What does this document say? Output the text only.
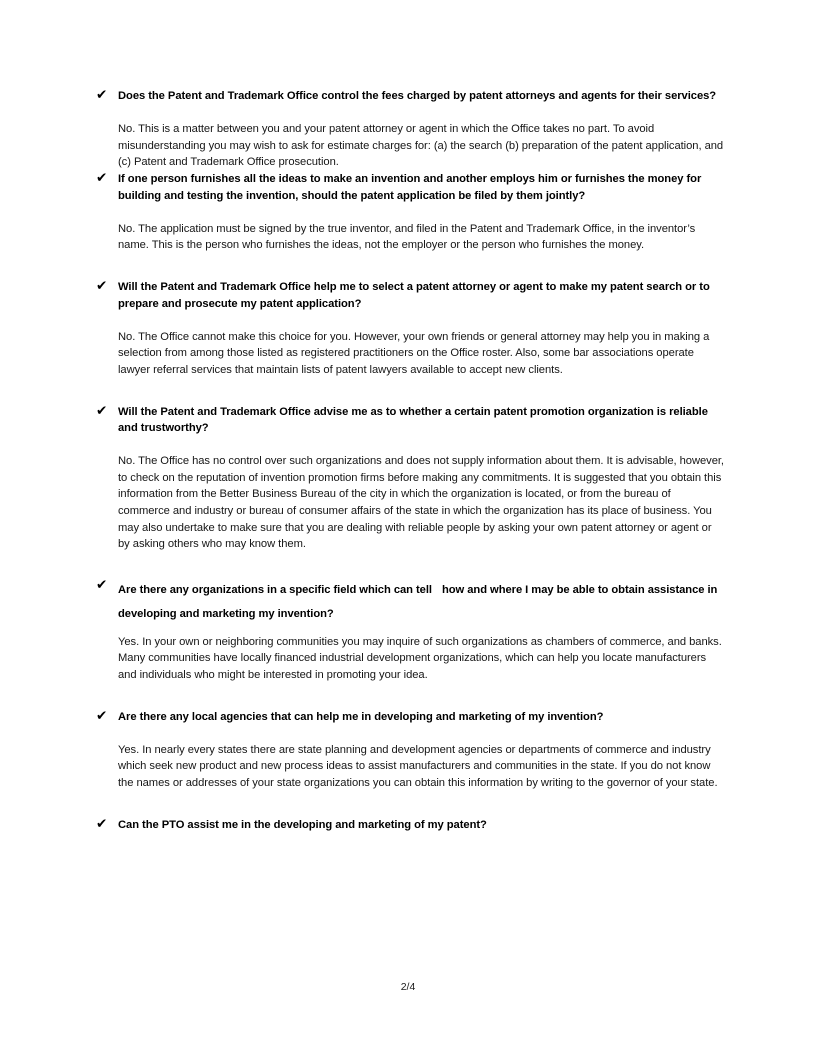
✔ Does the Patent and Trademark Office control the fees charged by patent attorneys and agents for their services?

No. This is a matter between you and your patent attorney or agent in which the Office takes no part. To avoid misunderstanding you may wish to ask for estimate charges for: (a) the search (b) preparation of the patent application, and (c) Patent and Trademark Office prosecution.

✔ If one person furnishes all the ideas to make an invention and another employs him or furnishes the money for building and testing the invention, should the patent application be filed by them jointly?

No. The application must be signed by the true inventor, and filed in the Patent and Trademark Office, in the inventor’s name. This is the person who furnishes the ideas, not the employer or the person who furnishes the money.

✔ Will the Patent and Trademark Office help me to select a patent attorney or agent to make my patent search or to prepare and prosecute my patent application?

No. The Office cannot make this choice for you. However, your own friends or general attorney may help you in making a selection from among those listed as registered practitioners on the Office roster. Also, some bar associations operate lawyer referral services that maintain lists of patent lawyers available to accept new clients.

✔ Will the Patent and Trademark Office advise me as to whether a certain patent promotion organization is reliable and trustworthy?

No. The Office has no control over such organizations and does not supply information about them. It is advisable, however, to check on the reputation of invention promotion firms before making any commitments. It is suggested that you obtain this information from the Better Business Bureau of the city in which the organization is located, or from the bureau of commerce and industry or bureau of consumer affairs of the state in which the organization has its place of business. You may also undertake to make sure that you are dealing with reliable people by asking your own patent attorney or agent or by asking others who may know them.

✔ Are there any organizations in a specific field which can tell how and where I may be able to obtain assistance in developing and marketing my invention?

Yes. In your own or neighboring communities you may inquire of such organizations as chambers of commerce, and banks. Many communities have locally financed industrial development organizations, which can help you locate manufacturers and individuals who might be interested in promoting your idea.

✔ Are there any local agencies that can help me in developing and marketing of my invention?

Yes. In nearly every states there are state planning and development agencies or departments of commerce and industry which seek new product and new process ideas to assist manufacturers and communities in the state. If you do not know the names or addresses of your state organizations you can obtain this information by writing to the governor of your state.

✔ Can the PTO assist me in the developing and marketing of my patent?

2/4
